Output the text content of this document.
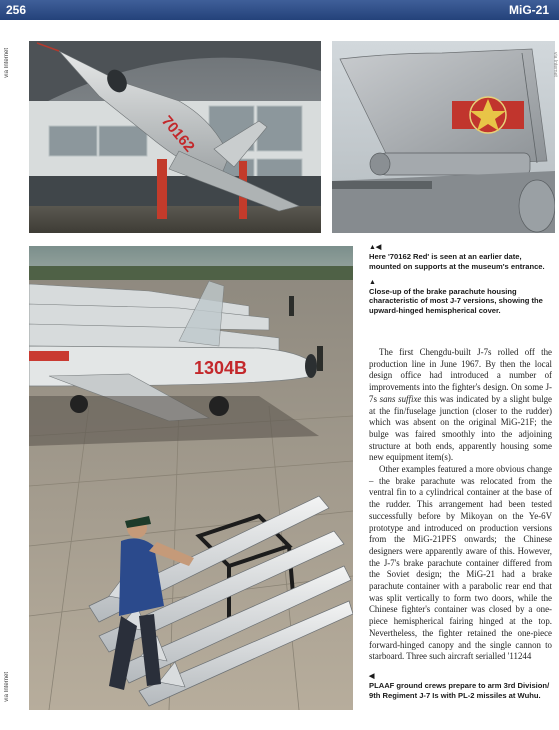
256	MiG-21
via Internet
via Internet
70162
via Internet
1304B
▲◀

Here '70162 Red' is seen at an earlier date, mounted on supports at the museum's entrance.

▲

Close-up of the brake parachute housing characteristic of most J-7 versions, showing the upward-hinged hemispherical cover.

The first Chengdu-built J-7s rolled off the production line in June 1967. By then the local design office had introduced a number of improvements into the fighter's design. On some J-7s sans suffixe this was indicated by a slight bulge at the fin/fuselage junction (closer to the rudder) which was absent on the original MiG-21F; the bulge was faired smoothly into the adjoining structure at both ends, apparently housing some new equipment item(s).

Other examples featured a more obvious change – the brake parachute was relocated from the ventral fin to a cylindrical container at the base of the rudder. This arrangement had been tested successfully before by Mikoyan on the Ye-6V prototype and introduced on production versions from the MiG-21PFS onwards; the Chinese designers were apparently aware of this. However, the J-7's brake parachute container differed from the Soviet design; the MiG-21 had a brake parachute container with a parabolic rear end that was split vertically to form two doors, while the Chinese fighter's container was closed by a one-piece hemispherical fairing hinged at the top. Nevertheless, the fighter retained the one-piece forward-hinged canopy and the single cannon to starboard. Three such aircraft serialled '11244

◀

PLAAF ground crews prepare to arm 3rd Division/ 9th Regiment J-7 Is with PL-2 missiles at Wuhu.
